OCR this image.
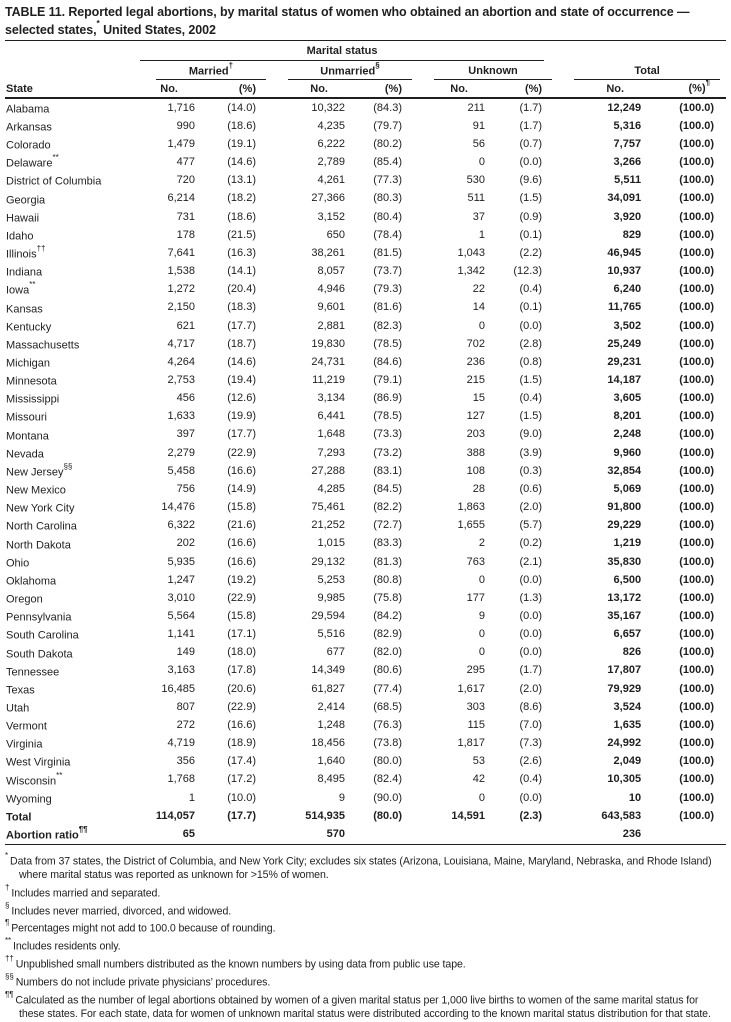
TABLE 11. Reported legal abortions, by marital status of women who obtained an abortion and state of occurrence — selected states,* United States, 2002

	Marital status							

	Married†		Unmarried§		Unknown		Total	

State	No.	(%)	No.	(%)	No.	(%)	No.	(%)¶
Alabama	1,716	(14.0)	10,322	(84.3)	211	(1.7)	12,249	(100.0)
Arkansas	990	(18.6)	4,235	(79.7)	91	(1.7)	5,316	(100.0)
Colorado	1,479	(19.1)	6,222	(80.2)	56	(0.7)	7,757	(100.0)
Delaware**	477	(14.6)	2,789	(85.4)	0	(0.0)	3,266	(100.0)
District of Columbia	720	(13.1)	4,261	(77.3)	530	(9.6)	5,511	(100.0)
Georgia	6,214	(18.2)	27,366	(80.3)	511	(1.5)	34,091	(100.0)
Hawaii	731	(18.6)	3,152	(80.4)	37	(0.9)	3,920	(100.0)
Idaho	178	(21.5)	650	(78.4)	1	(0.1)	829	(100.0)
Illinois††	7,641	(16.3)	38,261	(81.5)	1,043	(2.2)	46,945	(100.0)
Indiana	1,538	(14.1)	8,057	(73.7)	1,342	(12.3)	10,937	(100.0)
Iowa**	1,272	(20.4)	4,946	(79.3)	22	(0.4)	6,240	(100.0)
Kansas	2,150	(18.3)	9,601	(81.6)	14	(0.1)	11,765	(100.0)
Kentucky	621	(17.7)	2,881	(82.3)	0	(0.0)	3,502	(100.0)
Massachusetts	4,717	(18.7)	19,830	(78.5)	702	(2.8)	25,249	(100.0)
Michigan	4,264	(14.6)	24,731	(84.6)	236	(0.8)	29,231	(100.0)
Minnesota	2,753	(19.4)	11,219	(79.1)	215	(1.5)	14,187	(100.0)
Mississippi	456	(12.6)	3,134	(86.9)	15	(0.4)	3,605	(100.0)
Missouri	1,633	(19.9)	6,441	(78.5)	127	(1.5)	8,201	(100.0)
Montana	397	(17.7)	1,648	(73.3)	203	(9.0)	2,248	(100.0)
Nevada	2,279	(22.9)	7,293	(73.2)	388	(3.9)	9,960	(100.0)
New Jersey§§	5,458	(16.6)	27,288	(83.1)	108	(0.3)	32,854	(100.0)
New Mexico	756	(14.9)	4,285	(84.5)	28	(0.6)	5,069	(100.0)
New York City	14,476	(15.8)	75,461	(82.2)	1,863	(2.0)	91,800	(100.0)
North Carolina	6,322	(21.6)	21,252	(72.7)	1,655	(5.7)	29,229	(100.0)
North Dakota	202	(16.6)	1,015	(83.3)	2	(0.2)	1,219	(100.0)
Ohio	5,935	(16.6)	29,132	(81.3)	763	(2.1)	35,830	(100.0)
Oklahoma	1,247	(19.2)	5,253	(80.8)	0	(0.0)	6,500	(100.0)
Oregon	3,010	(22.9)	9,985	(75.8)	177	(1.3)	13,172	(100.0)
Pennsylvania	5,564	(15.8)	29,594	(84.2)	9	(0.0)	35,167	(100.0)
South Carolina	1,141	(17.1)	5,516	(82.9)	0	(0.0)	6,657	(100.0)
South Dakota	149	(18.0)	677	(82.0)	0	(0.0)	826	(100.0)
Tennessee	3,163	(17.8)	14,349	(80.6)	295	(1.7)	17,807	(100.0)
Texas	16,485	(20.6)	61,827	(77.4)	1,617	(2.0)	79,929	(100.0)
Utah	807	(22.9)	2,414	(68.5)	303	(8.6)	3,524	(100.0)
Vermont	272	(16.6)	1,248	(76.3)	115	(7.0)	1,635	(100.0)
Virginia	4,719	(18.9)	18,456	(73.8)	1,817	(7.3)	24,992	(100.0)
West Virginia	356	(17.4)	1,640	(80.0)	53	(2.6)	2,049	(100.0)
Wisconsin**	1,768	(17.2)	8,495	(82.4)	42	(0.4)	10,305	(100.0)
Wyoming	1	(10.0)	9	(90.0)	0	(0.0)	10	(100.0)
Total	114,057	(17.7)	514,935	(80.0)	14,591	(2.3)	643,583	(100.0)
Abortion ratio¶¶	65		570				236	
*Data from 37 states, the District of Columbia, and New York City; excludes six states (Arizona, Louisiana, Maine, Maryland, Nebraska, and Rhode Island) where marital status was reported as unknown for >15% of women.
†Includes married and separated.
§Includes never married, divorced, and widowed.
¶Percentages might not add to 100.0 because of rounding.
**Includes residents only.
††Unpublished small numbers distributed as the known numbers by using data from public use tape.
§§Numbers do not include private physicians’ procedures.
¶¶Calculated as the number of legal abortions obtained by women of a given marital status per 1,000 live births to women of the same marital status for these states. For each state, data for women of unknown marital status were distributed according to the known marital status distribution for that state.
